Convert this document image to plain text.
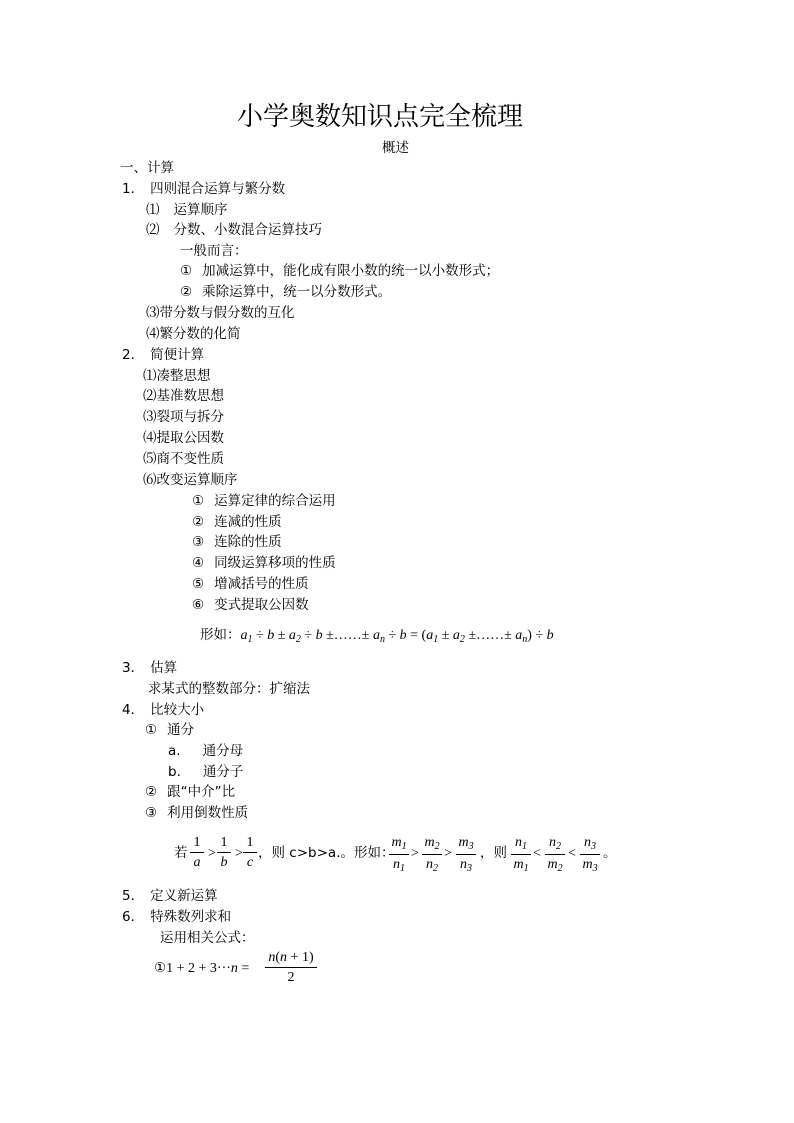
小学奥数知识点完全梳理
概述
一、计算
1． 四则混合运算与繁分数
⑴ 运算顺序
⑵ 分数、小数混合运算技巧
一般而言：
① 加减运算中，能化成有限小数的统一以小数形式；
② 乘除运算中，统一以分数形式。
⑶带分数与假分数的互化
⑷繁分数的化简
2． 简便计算
⑴凑整思想
⑵基准数思想
⑶裂项与拆分
⑷提取公因数
⑸商不变性质
⑹改变运算顺序
① 运算定律的综合运用
② 连减的性质
③ 连除的性质
④ 同级运算移项的性质
⑤ 增减括号的性质
⑥ 变式提取公因数
形如：$a_1 \div b \pm a_2 \div b$ ±……± $a_n \div b = (a_1 \pm a_2$ ±……± $a_n) \div b$
3． 估算
求某式的整数部分：扩缩法
4． 比较大小
① 通分
a. 通分母
b. 通分子
② 跟“中介”比
③ 利用倒数性质
若 $\frac{1}{a} > \frac{1}{b} > \frac{1}{c}$ ，则 c>b>a.。形如：
$\frac{m_1}{n_1} > \frac{m_2}{n_2} > \frac{m_3}{n_3}$ ，则 $\frac{n_1}{m_1} < \frac{n_2}{m_2} < \frac{n_3}{m_3}$ 。
5． 定义新运算
6． 特殊数列求和
运用相关公式：
①1 + $2 + 3\cdot\cdot\cdot n = \frac{n(n + 1)}{2}$
